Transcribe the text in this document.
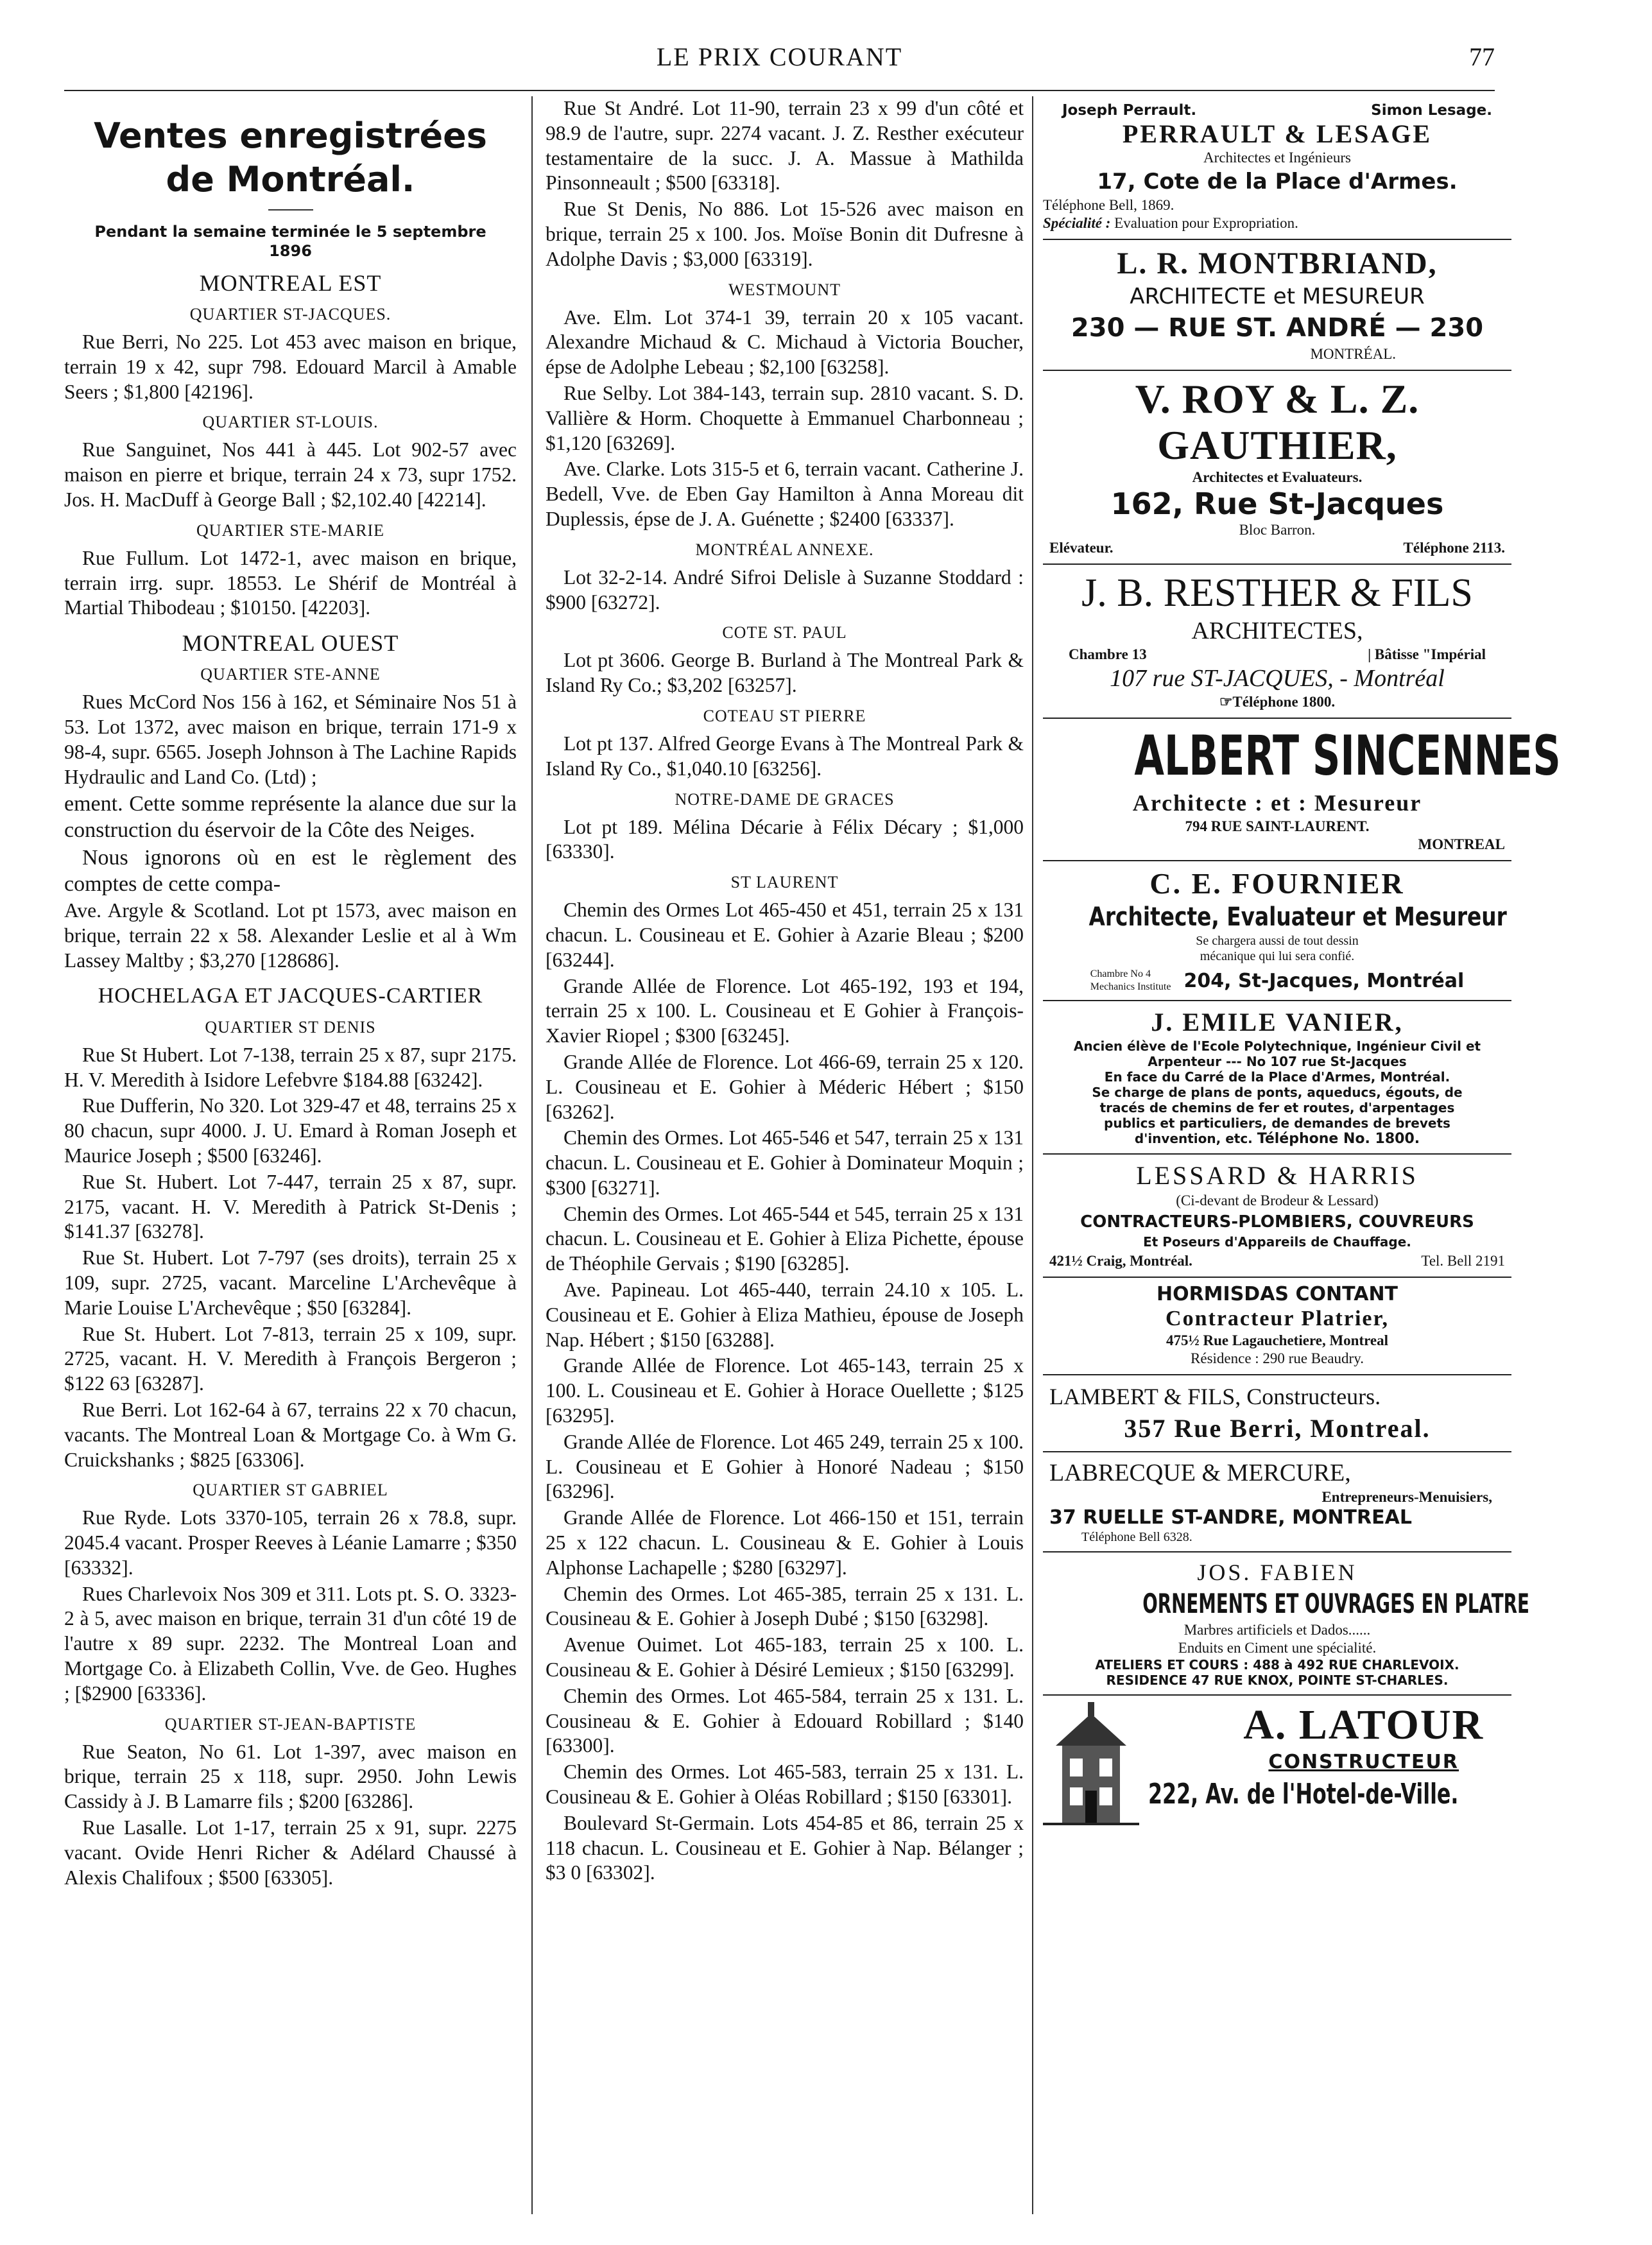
LE PRIX COURANT	77
Ventes enregistrées
de Montréal.
Pendant la semaine terminée le 5 septembre
1896
MONTREAL EST
QUARTIER ST-JACQUES.

Rue Berri, No 225. Lot 453 avec maison en brique, terrain 19 x 42, supr 798. Edouard Marcil à Amable Seers ; $1,800 [42196].

QUARTIER ST-LOUIS.

Rue Sanguinet, Nos 441 à 445. Lot 902-57 avec maison en pierre et brique, terrain 24 x 73, supr 1752. Jos. H. MacDuff à George Ball ; $2,102.40 [42214].

QUARTIER STE-MARIE

Rue Fullum. Lot 1472-1, avec maison en brique, terrain irrg. supr. 18553. Le Shérif de Montréal à Martial Thibodeau ; $10150. [42203].

MONTREAL OUEST
QUARTIER STE-ANNE

Rues McCord Nos 156 à 162, et Séminaire Nos 51 à 53. Lot 1372, avec maison en brique, terrain 171-9 x 98-4, supr. 6565. Joseph Johnson à The Lachine Rapids Hydraulic and Land Co. (Ltd) ;

ement. Cette somme représente la alance due sur la construction du éservoir de la Côte des Neiges.

Nous ignorons où en est le règlement des comptes de cette compa-

Ave. Argyle & Scotland. Lot pt 1573, avec maison en brique, terrain 22 x 58. Alexander Leslie et al à Wm Lassey Maltby ; $3,270 [128686].

HOCHELAGA ET JACQUES-CARTIER
QUARTIER ST DENIS

Rue St Hubert. Lot 7-138, terrain 25 x 87, supr 2175. H. V. Meredith à Isidore Lefebvre $184.88 [63242].

Rue Dufferin, No 320. Lot 329-47 et 48, terrains 25 x 80 chacun, supr 4000. J. U. Emard à Roman Joseph et Maurice Joseph ; $500 [63246].

Rue St. Hubert. Lot 7-447, terrain 25 x 87, supr. 2175, vacant. H. V. Meredith à Patrick St-Denis ; $141.37 [63278].

Rue St. Hubert. Lot 7-797 (ses droits), terrain 25 x 109, supr. 2725, vacant. Marceline L'Archevêque à Marie Louise L'Archevêque ; $50 [63284].

Rue St. Hubert. Lot 7-813, terrain 25 x 109, supr. 2725, vacant. H. V. Meredith à François Bergeron ; $122 63 [63287].

Rue Berri. Lot 162-64 à 67, terrains 22 x 70 chacun, vacants. The Montreal Loan & Mortgage Co. à Wm G. Cruickshanks ; $825 [63306].

QUARTIER ST GABRIEL

Rue Ryde. Lots 3370-105, terrain 26 x 78.8, supr. 2045.4 vacant. Prosper Reeves à Léanie Lamarre ; $350 [63332].

Rues Charlevoix Nos 309 et 311. Lots pt. S. O. 3323-2 à 5, avec maison en brique, terrain 31 d'un côté 19 de l'autre x 89 supr. 2232. The Montreal Loan and Mortgage Co. à Elizabeth Collin, Vve. de Geo. Hughes ; [$2900 [63336].

QUARTIER ST-JEAN-BAPTISTE

Rue Seaton, No 61. Lot 1-397, avec maison en brique, terrain 25 x 118, supr. 2950. John Lewis Cassidy à J. B Lamarre fils ; $200 [63286].

Rue Lasalle. Lot 1-17, terrain 25 x 91, supr. 2275 vacant. Ovide Henri Richer & Adélard Chaussé à Alexis Chalifoux ; $500 [63305].

Rue St André. Lot 11-90, terrain 23 x 99 d'un côté et 98.9 de l'autre, supr. 2274 vacant. J. Z. Resther exécuteur testamentaire de la succ. J. A. Massue à Mathilda Pinsonneault ; $500 [63318].

Rue St Denis, No 886. Lot 15-526 avec maison en brique, terrain 25 x 100. Jos. Moïse Bonin dit Dufresne à Adolphe Davis ; $3,000 [63319].

WESTMOUNT

Ave. Elm. Lot 374-1 39, terrain 20 x 105 vacant. Alexandre Michaud & C. Michaud à Victoria Boucher, épse de Adolphe Lebeau ; $2,100 [63258].

Rue Selby. Lot 384-143, terrain sup. 2810 vacant. S. D. Vallière & Horm. Choquette à Emmanuel Charbonneau ; $1,120 [63269].

Ave. Clarke. Lots 315-5 et 6, terrain vacant. Catherine J. Bedell, Vve. de Eben Gay Hamilton à Anna Moreau dit Duplessis, épse de J. A. Guénette ; $2400 [63337].

MONTRÉAL ANNEXE.

Lot 32-2-14. André Sifroi Delisle à Suzanne Stoddard : $900 [63272].

COTE ST. PAUL

Lot pt 3606. George B. Burland à The Montreal Park & Island Ry Co.; $3,202 [63257].

COTEAU ST PIERRE

Lot pt 137. Alfred George Evans à The Montreal Park & Island Ry Co., $1,040.10 [63256].

NOTRE-DAME DE GRACES

Lot pt 189. Mélina Décarie à Félix Décary ; $1,000 [63330].

ST LAURENT

Chemin des Ormes Lot 465-450 et 451, terrain 25 x 131 chacun. L. Cousineau et E. Gohier à Azarie Bleau ; $200 [63244].

Grande Allée de Florence. Lot 465-192, 193 et 194, terrain 25 x 100. L. Cousineau et E Gohier à François-Xavier Riopel ; $300 [63245].

Grande Allée de Florence. Lot 466-69, terrain 25 x 120. L. Cousineau et E. Gohier à Méderic Hébert ; $150 [63262].

Chemin des Ormes. Lot 465-546 et 547, terrain 25 x 131 chacun. L. Cousineau et E. Gohier à Dominateur Moquin ; $300 [63271].

Chemin des Ormes. Lot 465-544 et 545, terrain 25 x 131 chacun. L. Cousineau et E. Gohier à Eliza Pichette, épouse de Théophile Gervais ; $190 [63285].

Ave. Papineau. Lot 465-440, terrain 24.10 x 105. L. Cousineau et E. Gohier à Eliza Mathieu, épouse de Joseph Nap. Hébert ; $150 [63288].

Grande Allée de Florence. Lot 465-143, terrain 25 x 100. L. Cousineau et E. Gohier à Horace Ouellette ; $125 [63295].

Grande Allée de Florence. Lot 465 249, terrain 25 x 100. L. Cousineau et E Gohier à Honoré Nadeau ; $150 [63296].

Grande Allée de Florence. Lot 466-150 et 151, terrain 25 x 122 chacun. L. Cousineau & E. Gohier à Louis Alphonse Lachapelle ; $280 [63297].

Chemin des Ormes. Lot 465-385, terrain 25 x 131. L. Cousineau & E. Gohier à Joseph Dubé ; $150 [63298].

Avenue Ouimet. Lot 465-183, terrain 25 x 100. L. Cousineau & E. Gohier à Désiré Lemieux ; $150 [63299].

Chemin des Ormes. Lot 465-584, terrain 25 x 131. L. Cousineau & E. Gohier à Edouard Robillard ; $140 [63300].

Chemin des Ormes. Lot 465-583, terrain 25 x 131. L. Cousineau & E. Gohier à Oléas Robillard ; $150 [63301].

Boulevard St-Germain. Lots 454-85 et 86, terrain 25 x 118 chacun. L. Cousineau et E. Gohier à Nap. Bélanger ; $3 0 [63302].

Joseph Perrault.	Simon Lesage.
PERRAULT & LESAGE
Architectes et Ingénieurs
17, Cote de la Place d'Armes.
Téléphone Bell, 1869.
Spécialité : Evaluation pour Expropriation.
L. R. MONTBRIAND,
ARCHITECTE et MESUREUR
230 — RUE ST. ANDRÉ — 230
MONTRÉAL.
V. ROY & L. Z. GAUTHIER,
Architectes et Evaluateurs.
162, Rue St-Jacques
Bloc Barron.
Elévateur.	Téléphone 2113.
J. B. RESTHER & FILS
ARCHITECTES,
Chambre 13	| Bâtisse "Impérial
107 rue ST-JACQUES, - Montréal
☞Téléphone 1800.
ALBERT SINCENNES
Architecte : et : Mesureur
794 RUE SAINT-LAURENT.
MONTREAL
C. E. FOURNIER
Architecte, Evaluateur et Mesureur
Se chargera aussi de tout dessin
mécanique qui lui sera confié.
Chambre No 4
Mechanics Institute 204, St-Jacques, Montréal
J. EMILE VANIER,
Ancien élève de l'Ecole Polytechnique, Ingénieur Civil et
Arpenteur --- No 107 rue St-Jacques
En face du Carré de la Place d'Armes, Montréal.
Se charge de plans de ponts, aqueducs, égouts, de
tracés de chemins de fer et routes, d'arpentages
publics et particuliers, de demandes de brevets
d'invention, etc. Téléphone No. 1800.
LESSARD & HARRIS
(Ci-devant de Brodeur & Lessard)
CONTRACTEURS-PLOMBIERS, COUVREURS
Et Poseurs d'Appareils de Chauffage.
421½ Craig, Montréal.	Tel. Bell 2191
HORMISDAS CONTANT
Contracteur Platrier,
475½ Rue Lagauchetiere, Montreal
Résidence : 290 rue Beaudry.
LAMBERT & FILS, Constructeurs.
357 Rue Berri, Montreal.
LABRECQUE & MERCURE,
Entrepreneurs-Menuisiers,
37 RUELLE ST-ANDRE, MONTREAL
Téléphone Bell 6328.
JOS. FABIEN
ORNEMENTS ET OUVRAGES EN PLATRE
Marbres artificiels et Dados......
Enduits en Ciment une spécialité.
ATELIERS ET COURS : 488 à 492 RUE CHARLEVOIX.
RESIDENCE 47 RUE KNOX, POINTE ST-CHARLES.
A. LATOUR
CONSTRUCTEUR
222, Av. de l'Hotel-de-Ville.
